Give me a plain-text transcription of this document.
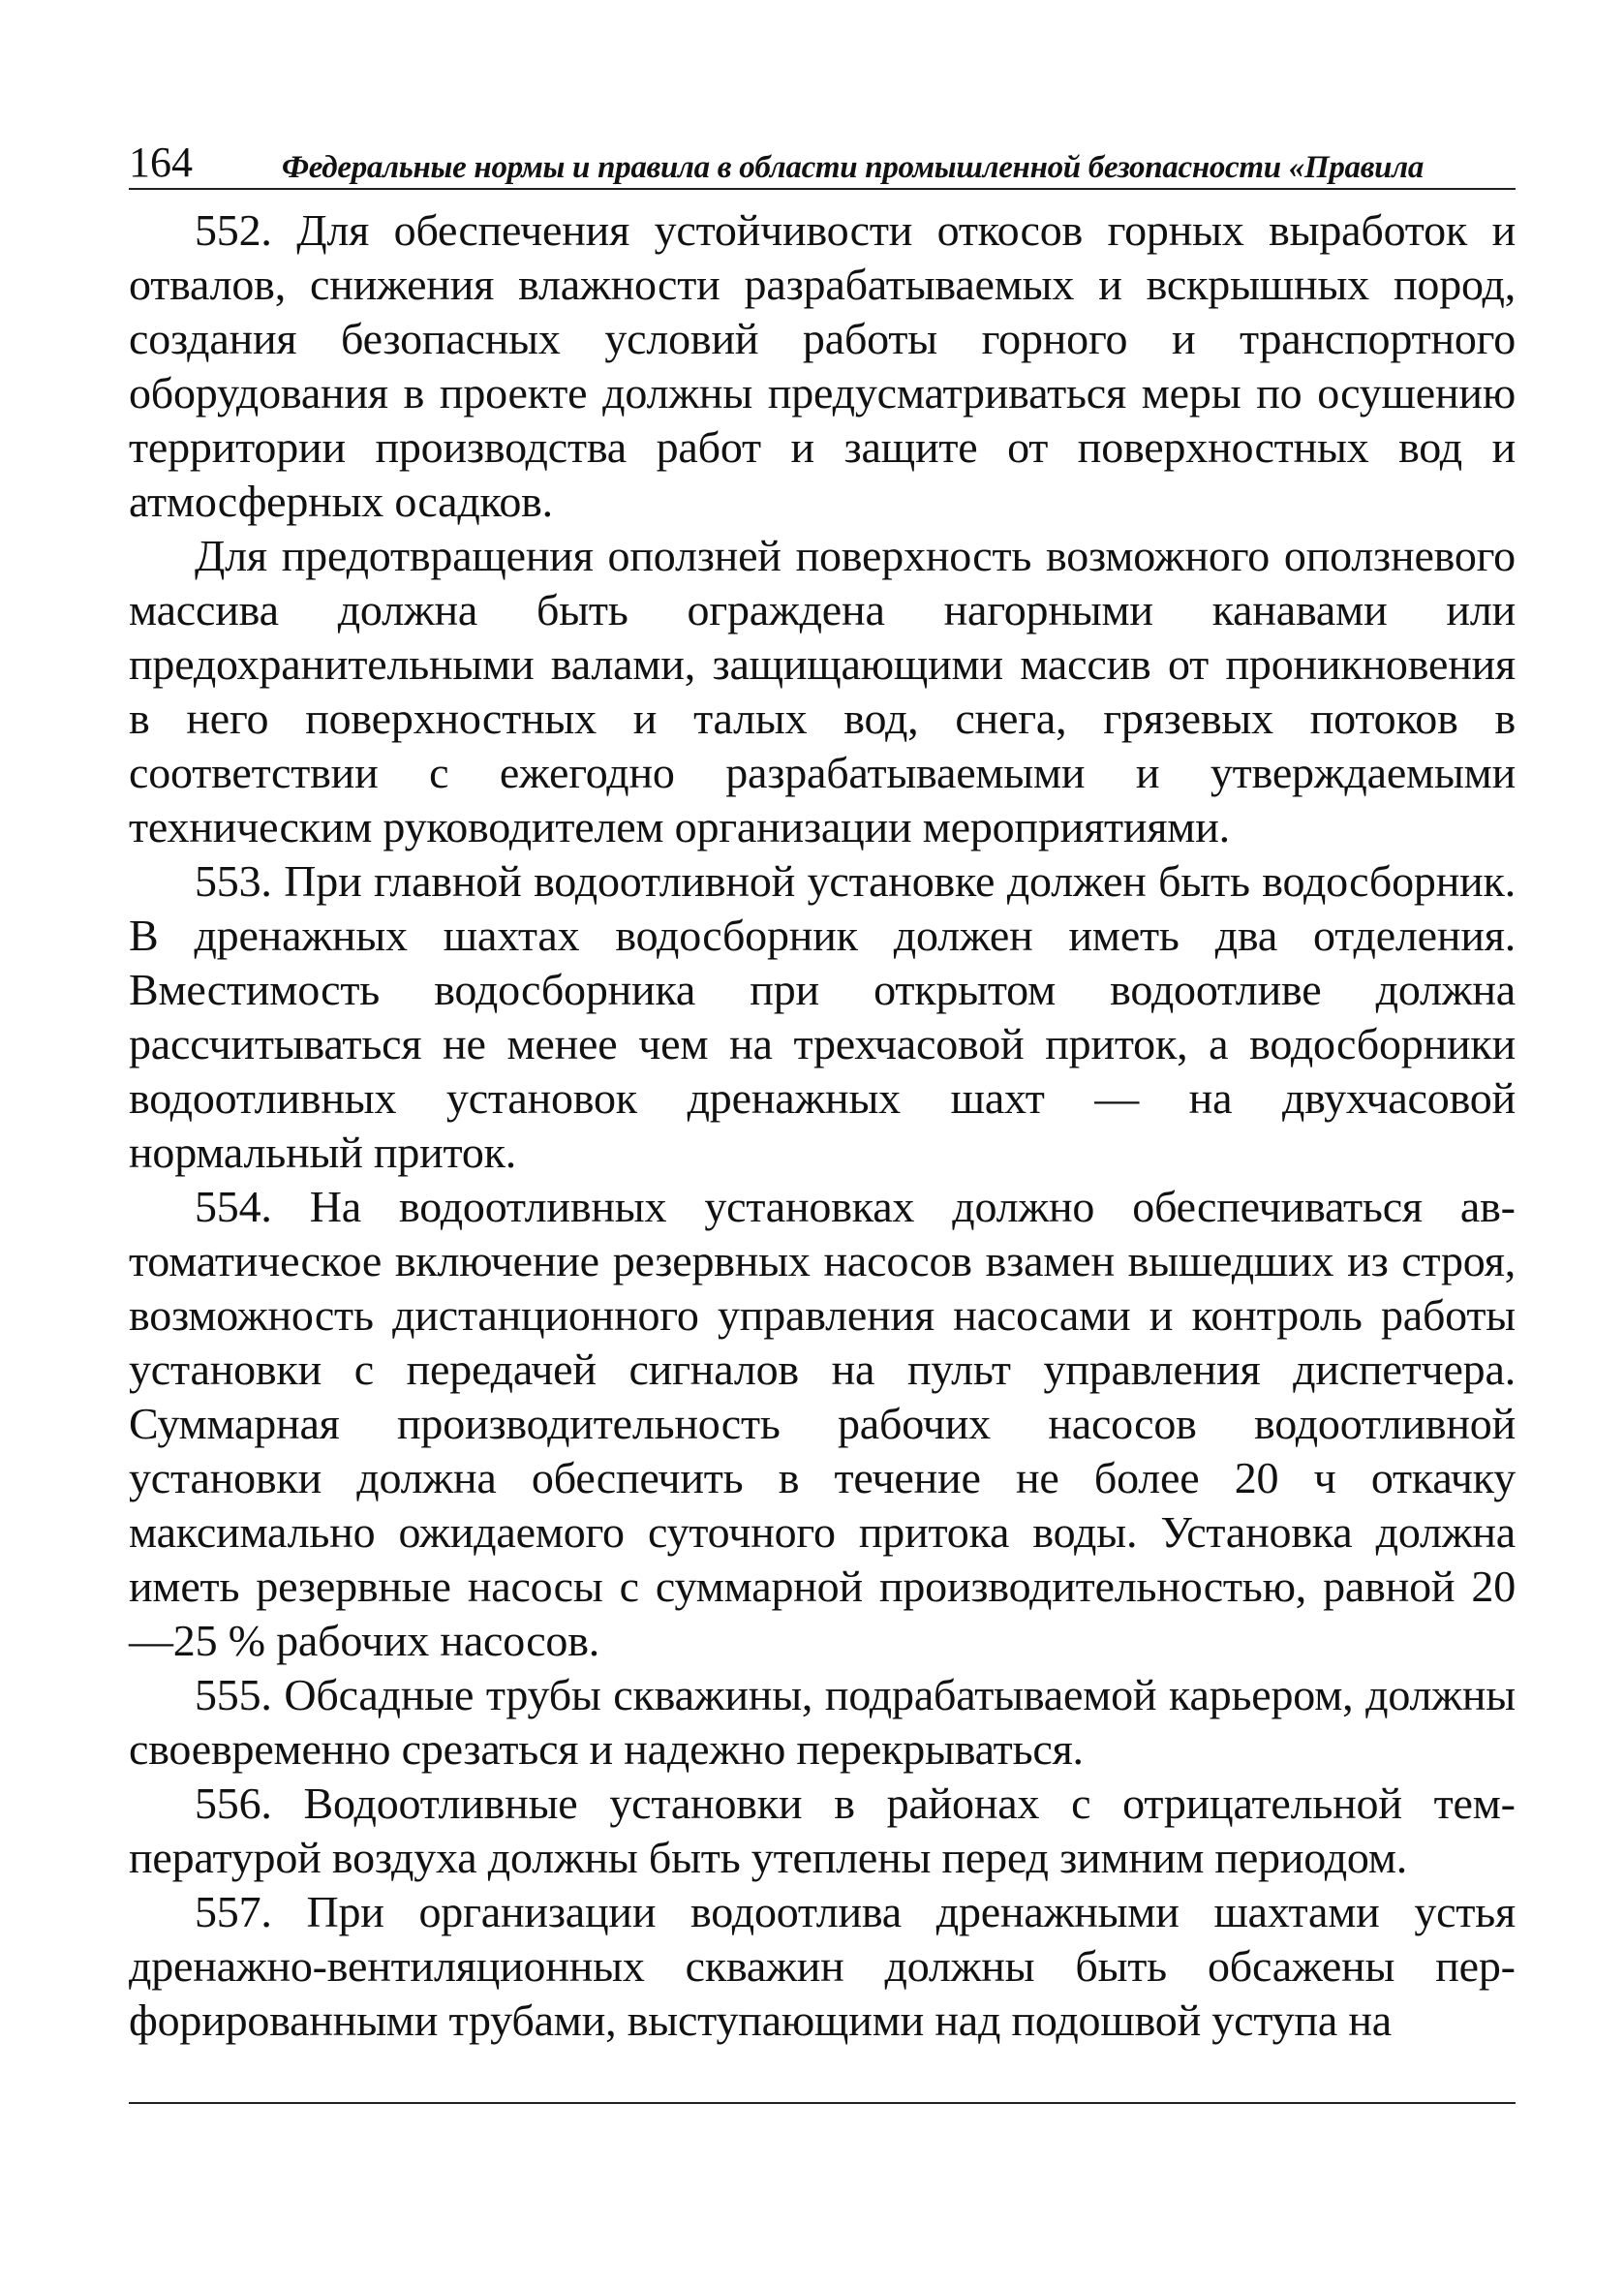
164	Федеральные нормы и правила в области промышленной безопасности «Правила

552. Для обеспечения устойчивости откосов горных выработок и отвалов, снижения влажности разрабатываемых и вскрышных пород, создания безопасных условий работы горного и транспортного оборудования в проекте должны предусматриваться меры по осушению территории производства работ и защите от поверхностных вод и атмосферных осадков.

Для предотвращения оползней поверхность возможного оползневого массива должна быть ограждена нагорными канавами или предохранительными валами, защищающими массив от проникновения в него поверхностных и талых вод, снега, грязевых потоков в соответствии с ежегодно разрабатываемыми и утверждаемыми техническим руководителем организации мероприятиями.

553. При главной водоотливной установке должен быть водосборник. В дренажных шахтах водосборник должен иметь два отделения. Вместимость водосборника при открытом водоотливе должна рассчитываться не менее чем на трехчасовой приток, а водосборники водоотливных установок дренажных шахт — на двухчасовой нормальный приток.

554. На водоотливных установках должно обеспечиваться автоматическое включение резервных насосов взамен вышедших из строя, возможность дистанционного управления насосами и контроль работы установки с передачей сигналов на пульт управления диспетчера. Суммарная производительность рабочих насосов водоотливной установки должна обеспечить в течение не более 20 ч откачку максимально ожидаемого суточного притока воды. Установка должна иметь резервные насосы с суммарной производительностью, равной 20—25 % рабочих насосов.

555. Обсадные трубы скважины, подрабатываемой карьером, должны своевременно срезаться и надежно перекрываться.

556. Водоотливные установки в районах с отрицательной температурой воздуха должны быть утеплены перед зимним периодом.

557. При организации водоотлива дренажными шахтами устья дренажно-вентиляционных скважин должны быть обсажены перфорированными трубами, выступающими над подошвой уступа на
